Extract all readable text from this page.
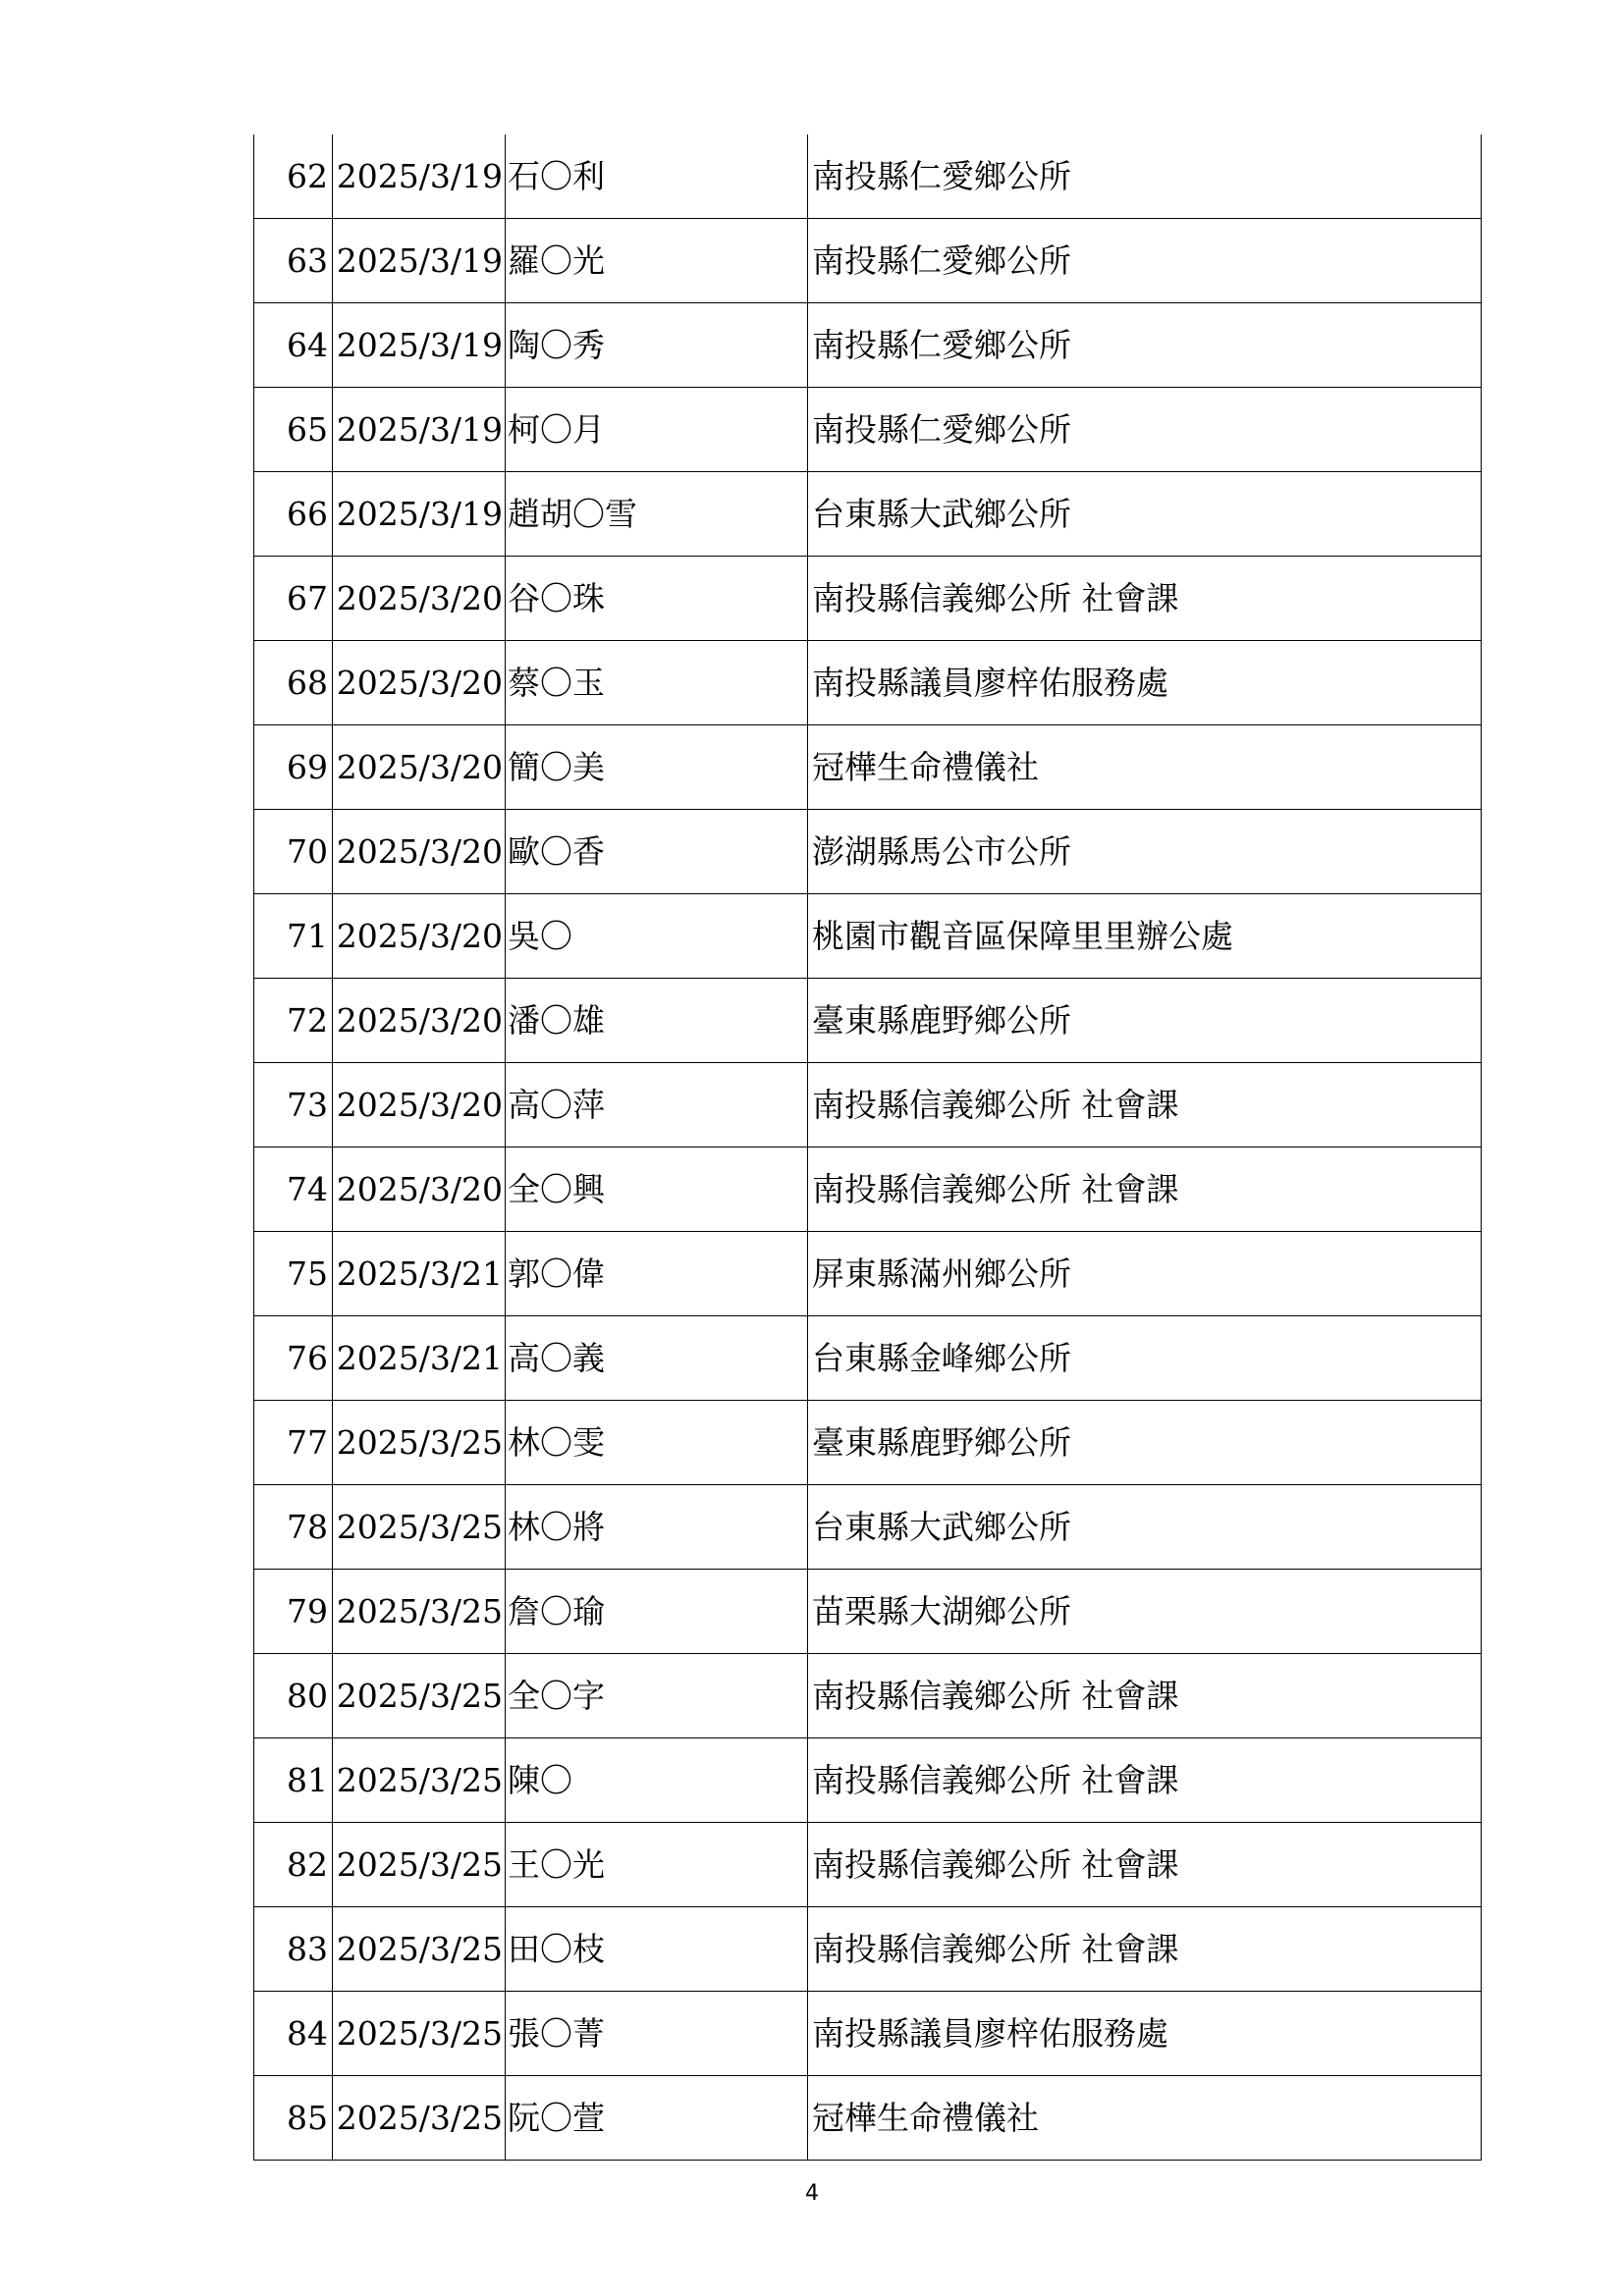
62	2025/3/19	石〇利	南投縣仁愛鄉公所
63	2025/3/19	羅〇光	南投縣仁愛鄉公所
64	2025/3/19	陶〇秀	南投縣仁愛鄉公所
65	2025/3/19	柯〇月	南投縣仁愛鄉公所
66	2025/3/19	趙胡〇雪	台東縣大武鄉公所
67	2025/3/20	谷〇珠	南投縣信義鄉公所 社會課
68	2025/3/20	蔡〇玉	南投縣議員廖梓佑服務處
69	2025/3/20	簡〇美	冠樺生命禮儀社
70	2025/3/20	歐〇香	澎湖縣馬公市公所
71	2025/3/20	吳〇	桃園市觀音區保障里里辦公處
72	2025/3/20	潘〇雄	臺東縣鹿野鄉公所
73	2025/3/20	高〇萍	南投縣信義鄉公所 社會課
74	2025/3/20	全〇興	南投縣信義鄉公所 社會課
75	2025/3/21	郭〇偉	屏東縣滿州鄉公所
76	2025/3/21	高〇義	台東縣金峰鄉公所
77	2025/3/25	林〇雯	臺東縣鹿野鄉公所
78	2025/3/25	林〇將	台東縣大武鄉公所
79	2025/3/25	詹〇瑜	苗栗縣大湖鄉公所
80	2025/3/25	全〇字	南投縣信義鄉公所 社會課
81	2025/3/25	陳〇	南投縣信義鄉公所 社會課
82	2025/3/25	王〇光	南投縣信義鄉公所 社會課
83	2025/3/25	田〇枝	南投縣信義鄉公所 社會課
84	2025/3/25	張〇菁	南投縣議員廖梓佑服務處
85	2025/3/25	阮〇萱	冠樺生命禮儀社
4
